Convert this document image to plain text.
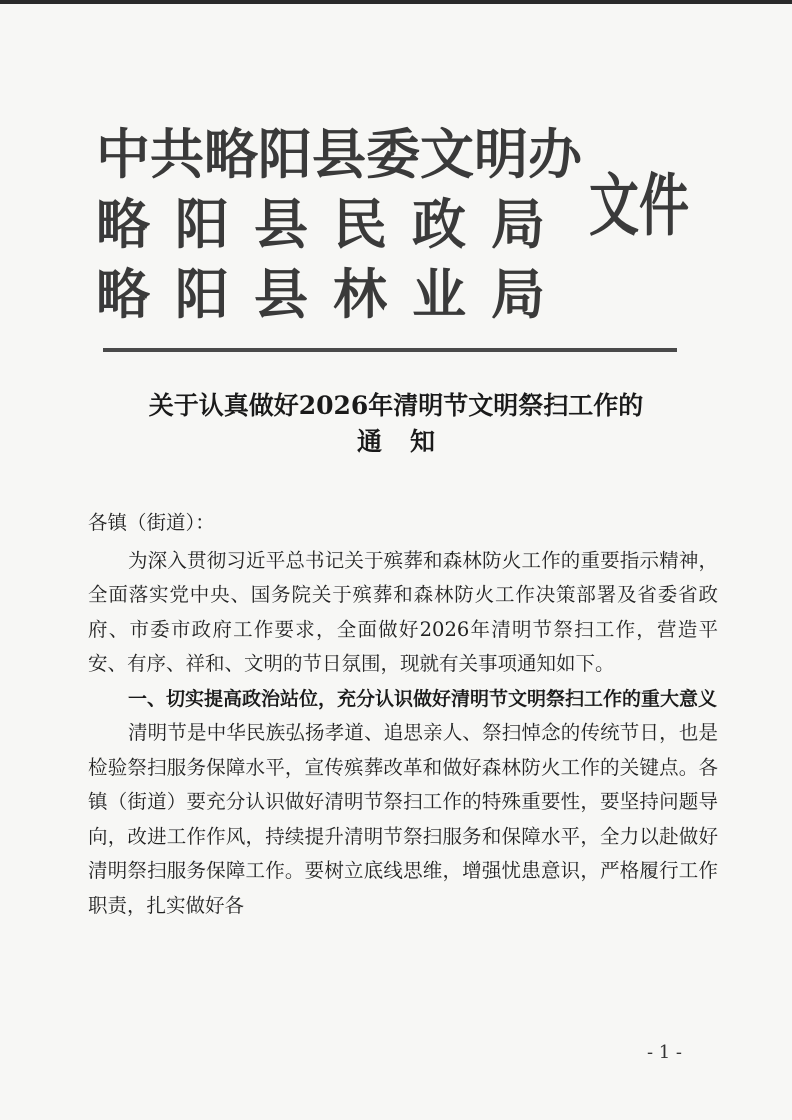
中共略阳县委文明办
略阳县民政局
略阳县林业局
文件
关于认真做好2026年清明节文明祭扫工作的
通知

各镇（街道）：

为深入贯彻习近平总书记关于殡葬和森林防火工作的重要指示精神，全面落实党中央、国务院关于殡葬和森林防火工作决策部署及省委省政府、市委市政府工作要求，全面做好2026年清明节祭扫工作，营造平安、有序、祥和、文明的节日氛围，现就有关事项通知如下。

一、切实提高政治站位，充分认识做好清明节文明祭扫工作的重大意义

清明节是中华民族弘扬孝道、追思亲人、祭扫悼念的传统节日，也是检验祭扫服务保障水平，宣传殡葬改革和做好森林防火工作的关键点。各镇（街道）要充分认识做好清明节祭扫工作的特殊重要性，要坚持问题导向，改进工作作风，持续提升清明节祭扫服务和保障水平，全力以赴做好清明祭扫服务保障工作。要树立底线思维，增强忧患意识，严格履行工作职责，扎实做好各

- 1 -
